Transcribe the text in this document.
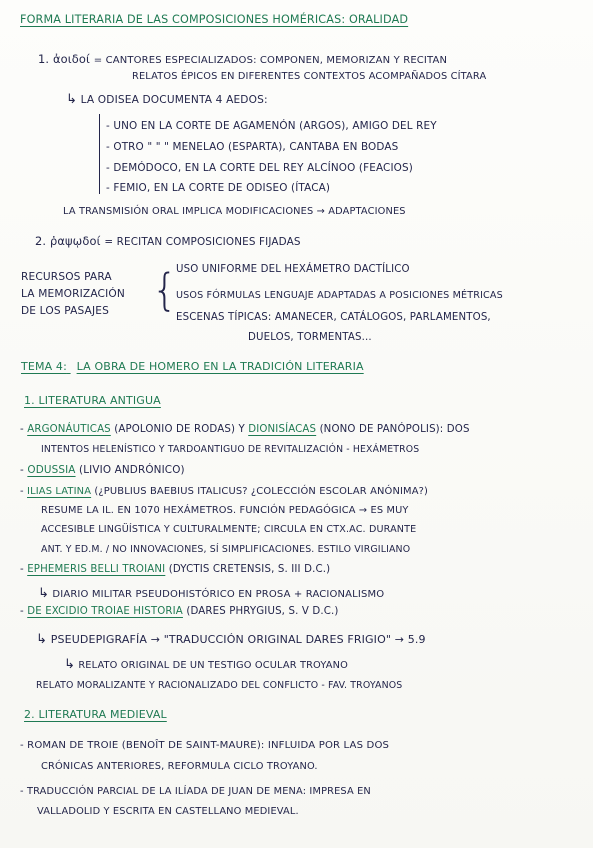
FORMA LITERARIA DE LAS COMPOSICIONES HOMÉRICAS: ORALIDAD
1. ἀοιδοί = CANTORES ESPECIALIZADOS: COMPONEN, MEMORIZAN Y RECITAN
RELATOS ÉPICOS EN DIFERENTES CONTEXTOS ACOMPAÑADOS CÍTARA
↳ LA ODISEA DOCUMENTA 4 AEDOS:
- UNO EN LA CORTE DE AGAMENÓN (ARGOS), AMIGO DEL REY
- OTRO " " " MENELAO (ESPARTA), CANTABA EN BODAS
- DEMÓDOCO, EN LA CORTE DEL REY ALCÍNOO (FEACIOS)
- FEMIO, EN LA CORTE DE ODISEO (ÍTACA)
LA TRANSMISIÓN ORAL IMPLICA MODIFICACIONES → ADAPTACIONES
2. ῥαψῳδοί = RECITAN COMPOSICIONES FIJADAS
RECURSOS PARA
LA MEMORIZACIÓN
DE LOS PASAJES	{
USO UNIFORME DEL HEXÁMETRO DACTÍLICO
USOS FÓRMULAS LENGUAJE ADAPTADAS A POSICIONES MÉTRICAS
ESCENAS TÍPICAS: AMANECER, CATÁLOGOS, PARLAMENTOS,
DUELOS, TORMENTAS...
TEMA 4: LA OBRA DE HOMERO EN LA TRADICIÓN LITERARIA
1. LITERATURA ANTIGUA
- ARGONÁUTICAS (APOLONIO DE RODAS) Y DIONISÍACAS (NONO DE PANÓPOLIS): DOS
INTENTOS HELENÍSTICO Y TARDOANTIGUO DE REVITALIZACIÓN - HEXÁMETROS
- ODUSSIA (LIVIO ANDRÓNICO)
- ILIAS LATINA (¿PUBLIUS BAEBIUS ITALICUS? ¿COLECCIÓN ESCOLAR ANÓNIMA?)
RESUME LA IL. EN 1070 HEXÁMETROS. FUNCIÓN PEDAGÓGICA → ES MUY
ACCESIBLE LINGÜÍSTICA Y CULTURALMENTE; CIRCULA EN CTX.AC. DURANTE
ANT. Y ED.M. / NO INNOVACIONES, SÍ SIMPLIFICACIONES. ESTILO VIRGILIANO
- EPHEMERIS BELLI TROIANI (DYCTIS CRETENSIS, S. III D.C.)
↳ DIARIO MILITAR PSEUDOHISTÓRICO EN PROSA + RACIONALISMO
- DE EXCIDIO TROIAE HISTORIA (DARES PHRYGIUS, S. V D.C.)
↳ PSEUDEPIGRAFÍA → "TRADUCCIÓN ORIGINAL DARES FRIGIO" → 5.9
↳ RELATO ORIGINAL DE UN TESTIGO OCULAR TROYANO
RELATO MORALIZANTE Y RACIONALIZADO DEL CONFLICTO - FAV. TROYANOS
2. LITERATURA MEDIEVAL
- ROMAN DE TROIE (BENOÎT DE SAINT-MAURE): INFLUIDA POR LAS DOS
CRÓNICAS ANTERIORES, REFORMULA CICLO TROYANO.
- TRADUCCIÓN PARCIAL DE LA ILÍADA DE JUAN DE MENA: IMPRESA EN
VALLADOLID Y ESCRITA EN CASTELLANO MEDIEVAL.
